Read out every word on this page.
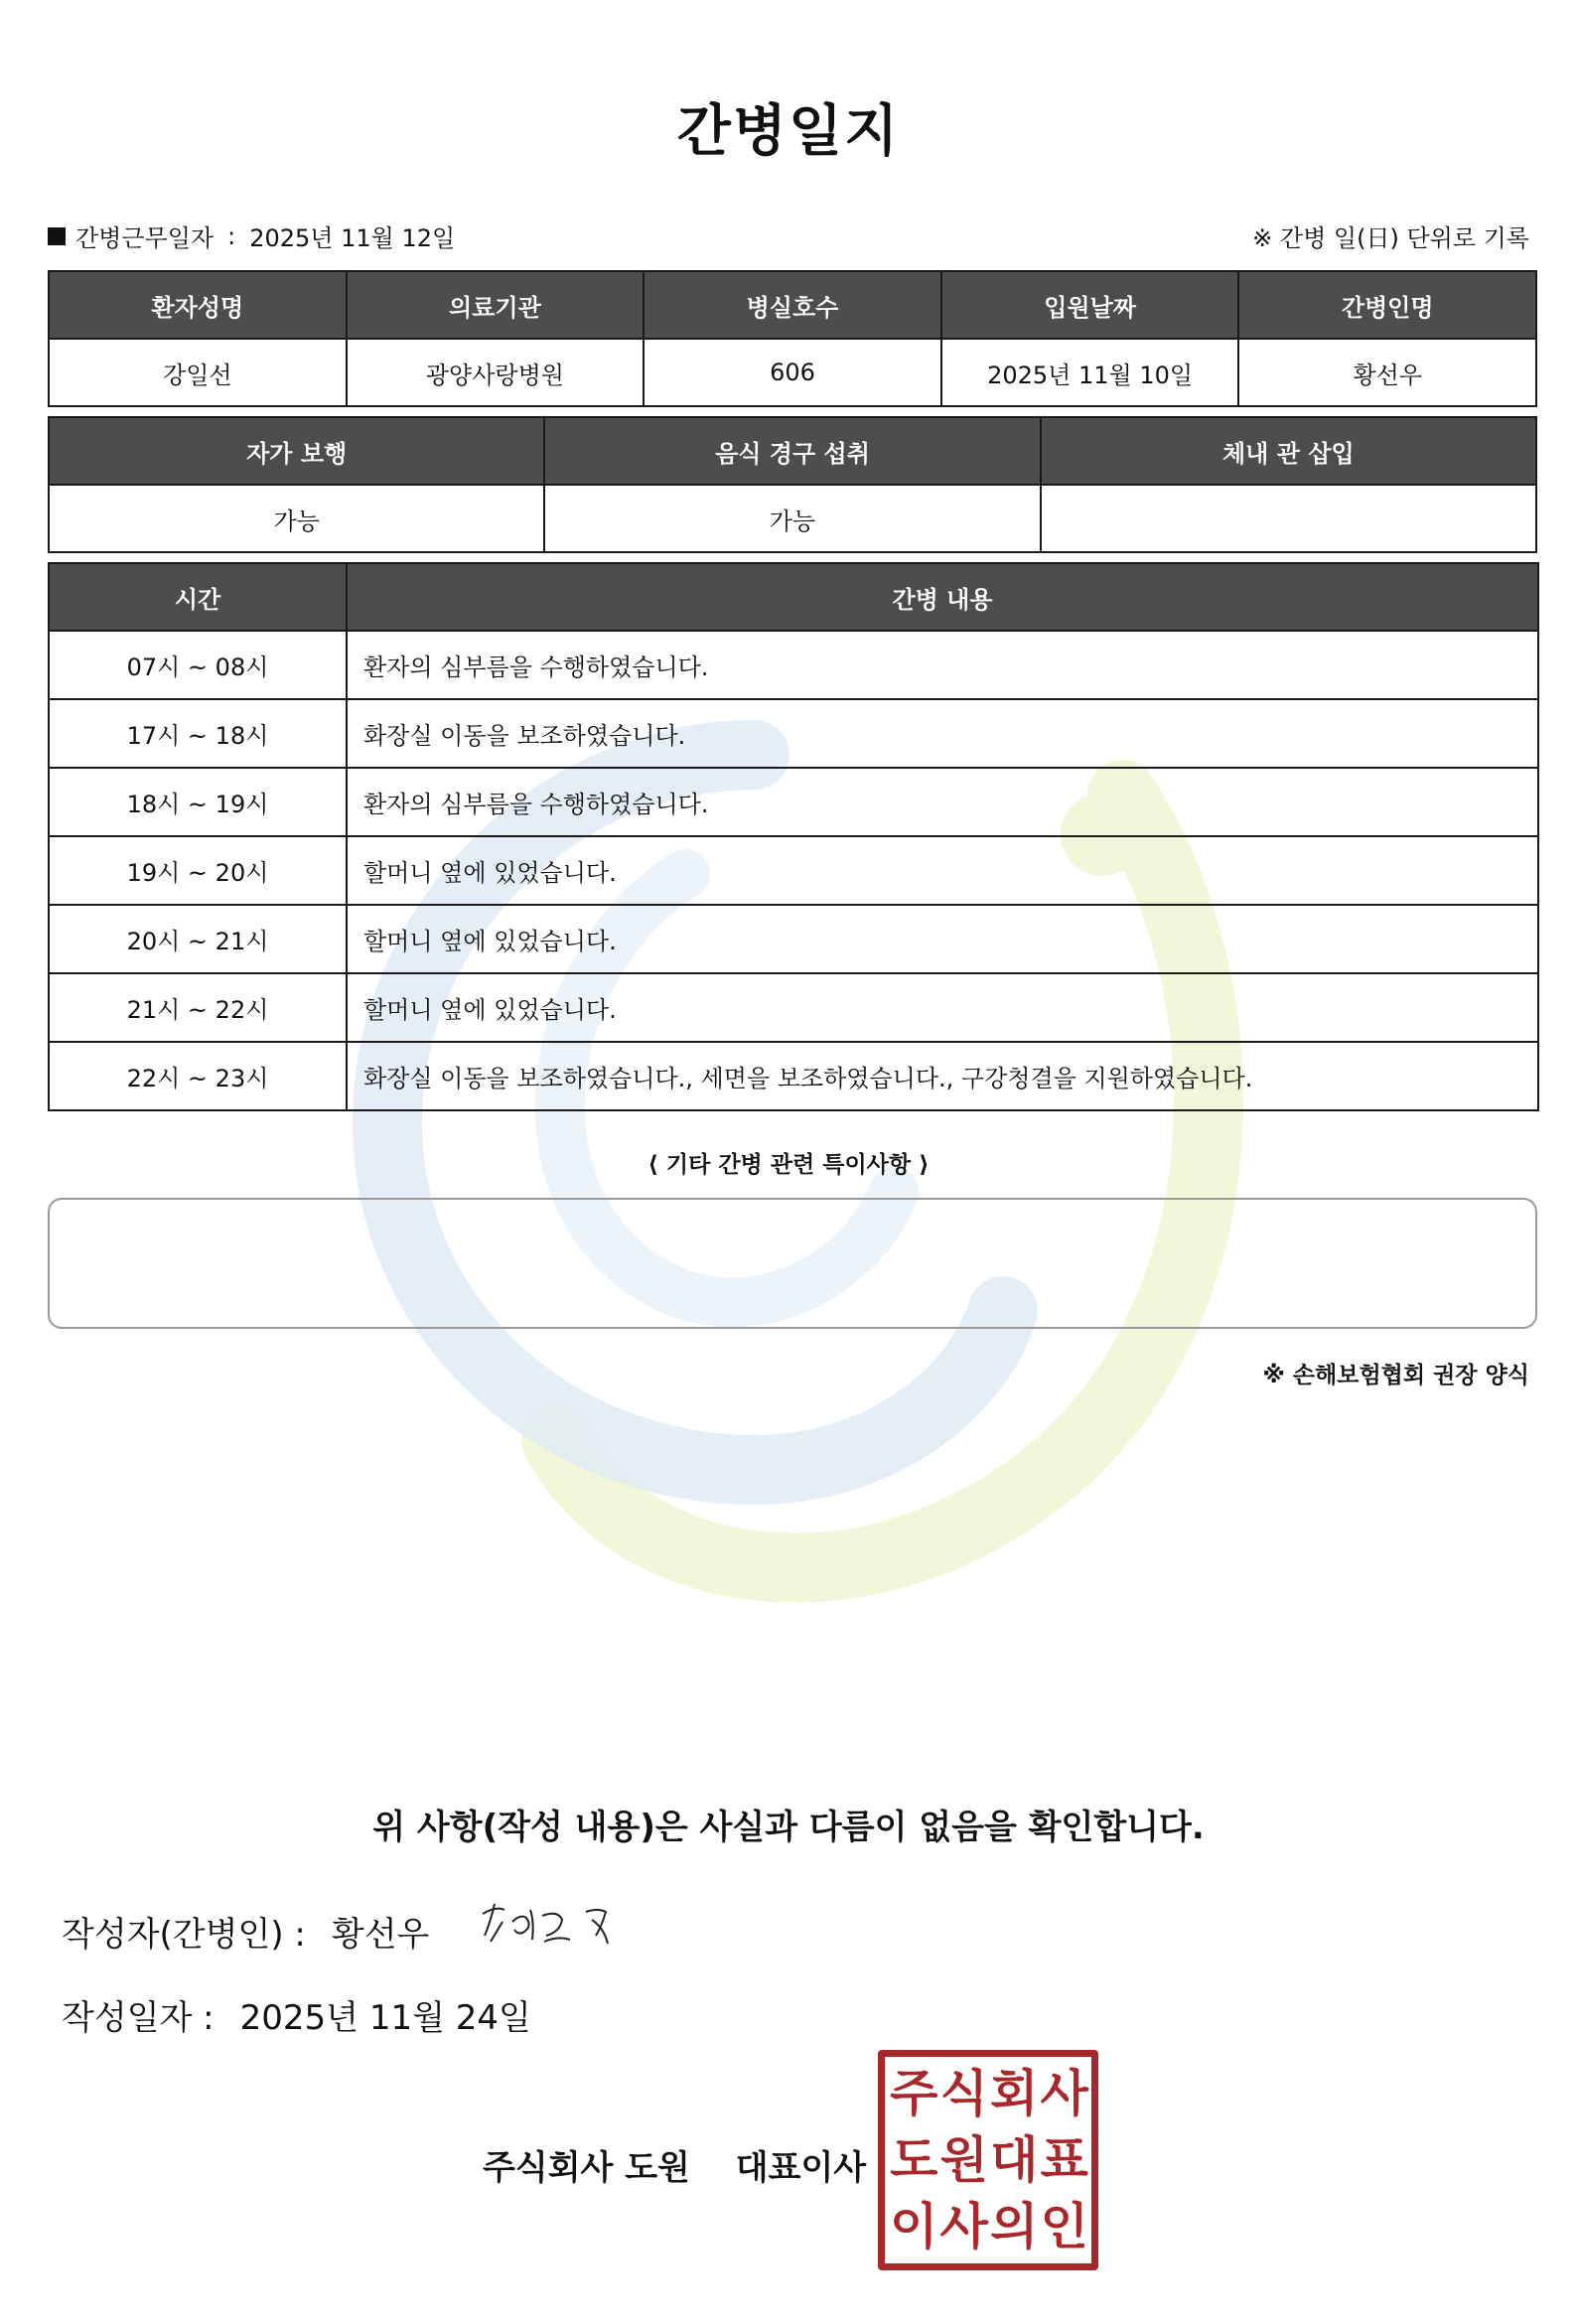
간병일지
간병근무일자 : 2025년 11월 12일	※ 간병 일(日) 단위로 기록
환자성명	의료기관	병실호수	입원날짜	간병인명
강일선	광양사랑병원	606	2025년 11월 10일	황선우
자가 보행	음식 경구 섭취	체내 관 삽입
가능	가능	
시간	간병 내용
07시 ~ 08시	환자의 심부름을 수행하였습니다.
17시 ~ 18시	화장실 이동을 보조하였습니다.
18시 ~ 19시	환자의 심부름을 수행하였습니다.
19시 ~ 20시	할머니 옆에 있었습니다.
20시 ~ 21시	할머니 옆에 있었습니다.
21시 ~ 22시	할머니 옆에 있었습니다.
22시 ~ 23시	화장실 이동을 보조하였습니다., 세면을 보조하였습니다., 구강청결을 지원하였습니다.
⟨ 기타 간병 관련 특이사항 ⟩
※ 손해보험협회 권장 양식
위 사항(작성 내용)은 사실과 다름이 없음을 확인합니다.
작성자(간병인) : 황선우
작성일자 : 2025년 11월 24일
주식회사 도원 대표이사
주 식 회 사
도 원 대 표
이 사 의 인
